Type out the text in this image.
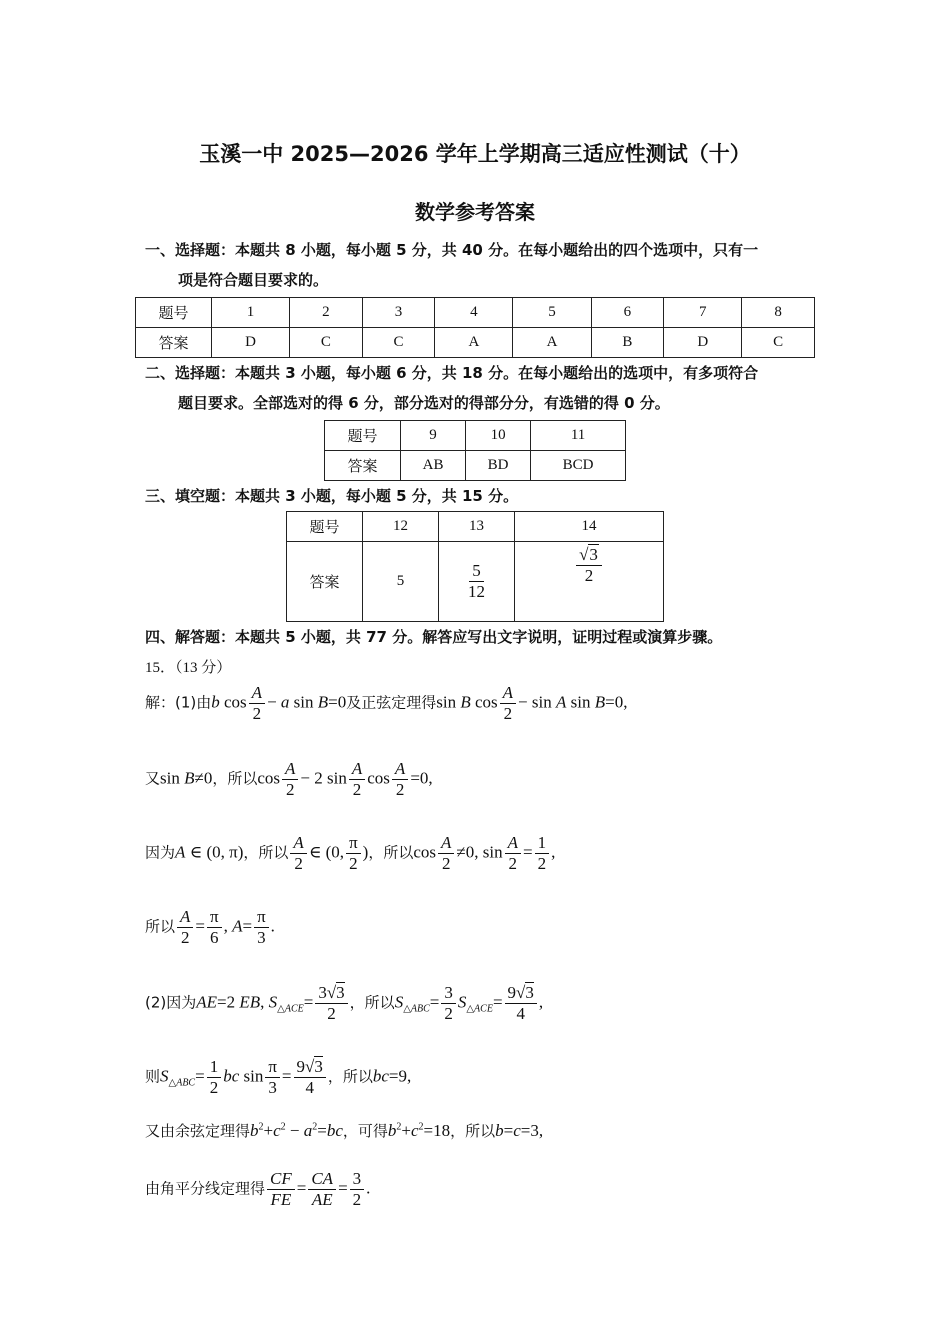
玉溪一中 2025—2026 学年上学期高三适应性测试（十）
数学参考答案
一、选择题：本题共 8 小题，每小题 5 分，共 40 分。在每小题给出的四个选项中，只有一
项是符合题目要求的。
题号	1	2	3	4	5	6	7	8
答案	D	C	C	A	A	B	D	C
二、选择题：本题共 3 小题，每小题 6 分，共 18 分。在每小题给出的选项中，有多项符合
题目要求。全部选对的得 6 分，部分选对的得部分分，有选错的得 0 分。
题号	9	10	11
答案	AB	BD	BCD
三、填空题：本题共 3 小题，每小题 5 分，共 15 分。
题号	12	13	14
答案	5	$\frac{5}{12}$	$\frac{√3}{2}$
四、解答题：本题共 5 小题，共 77 分。解答应写出文字说明，证明过程或演算步骤。
15．（13 分）
解：(1)由b $\cos \frac{A}{2} - a$ sin B=0及正弦定理得sin B $\cos \frac{A}{2} - \sin A$ sin B=0,
又sin B≠0，所以$\cos \frac{A}{2} - 2$ $\sin \frac{A}{2}$ $\cos \frac{A}{2} =0$,
因为A ∈ (0, π)，所以 $\frac{A}{2}$ ∈ (0, $\frac{\pi}{2}$ )，所以$\cos \frac{A}{2} \ne 0$, $\sin \frac{A}{2} = \frac{1}{2}$ ,
所以 $\frac{A}{2} = \frac{\pi}{6}$ , $A= \frac{\pi}{3}$ .
(2)因为AE=2 EB, $S_{\triangle ACE}= \frac{3√3}{2}$ ，所以$S_{\triangle ABC}= \frac{3}{2} S_{\triangle ACE}= \frac{9√3}{4}$ ,
则$S_{\triangle ABC}= \frac{1}{2}$ bc $\sin \frac{\pi}{3} = \frac{9√3}{4}$ ，所以bc=9,
又由余弦定理得$b^2+c^2 - a^2=bc$，可得$b^2+c^2=18$，所以b=c=3,
由角平分线定理得 $\frac{CF}{FE} = \frac{CA}{AE} = \frac{3}{2}$ .
